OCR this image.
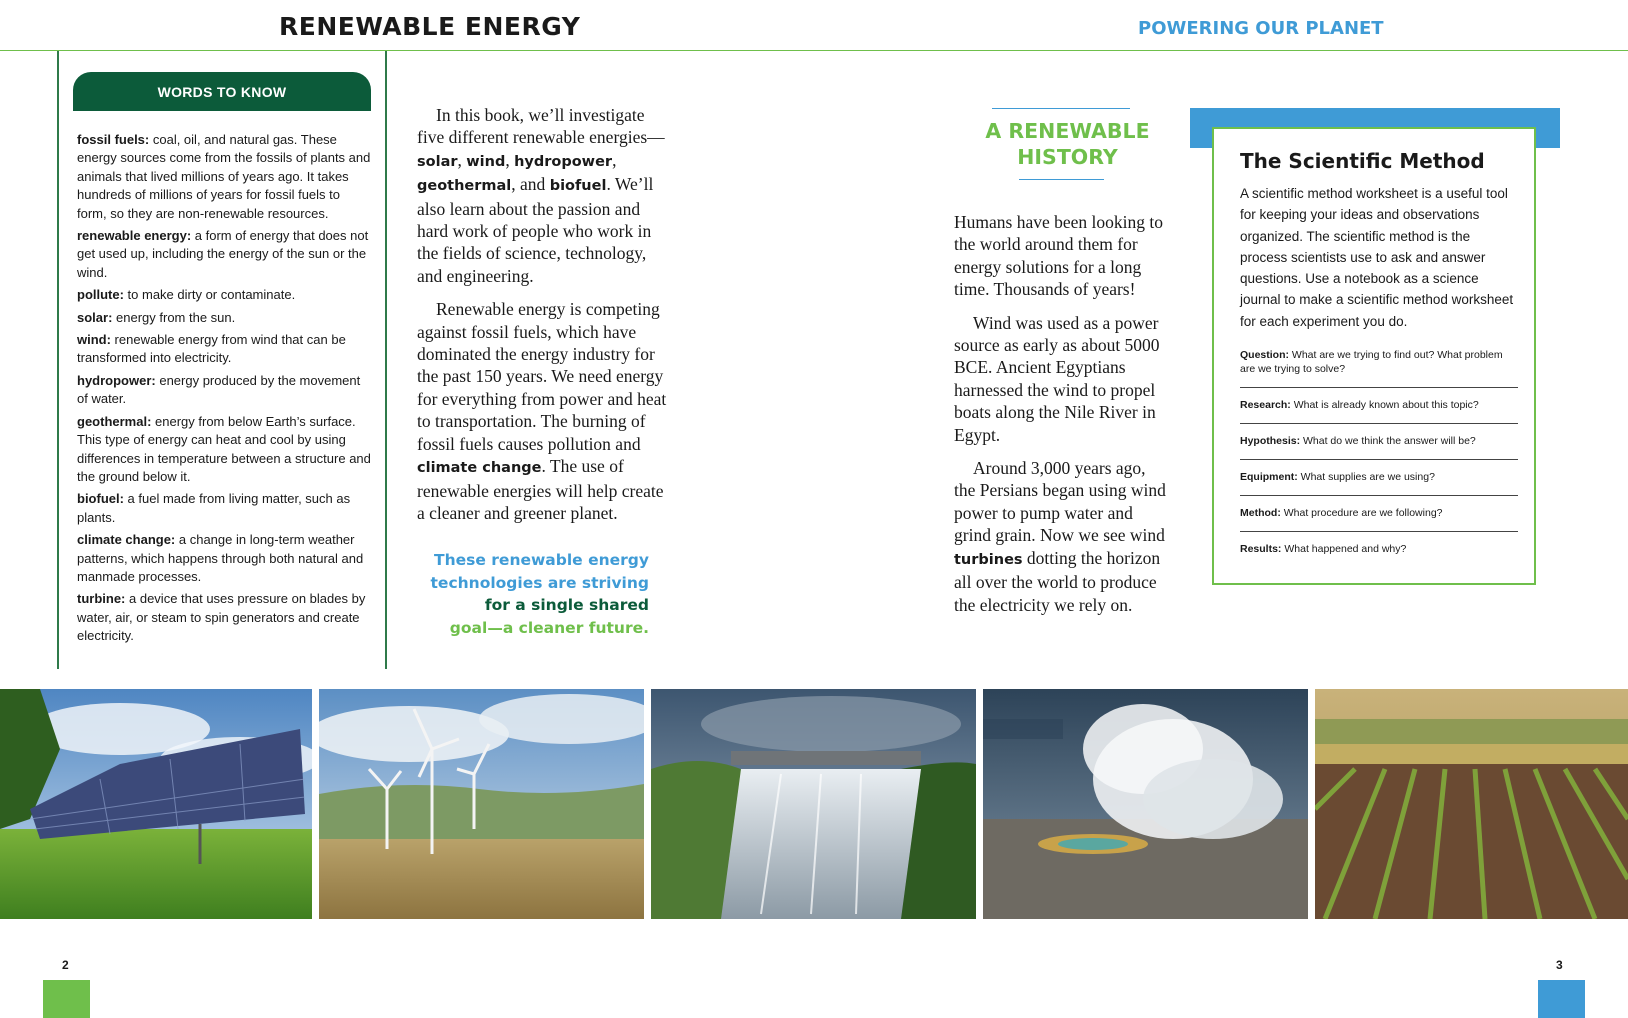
RENEWABLE ENERGY	POWERING OUR PLANET
WORDS TO KNOW
fossil fuels: coal, oil, and natural gas. These energy sources come from the fossils of plants and animals that lived millions of years ago. It takes hundreds of millions of years for fossil fuels to form, so they are non-renewable resources.
renewable energy: a form of energy that does not get used up, including the energy of the sun or the wind.
pollute: to make dirty or contaminate.
solar: energy from the sun.
wind: renewable energy from wind that can be transformed into electricity.
hydropower: energy produced by the movement of water.
geothermal: energy from below Earth’s surface. This type of energy can heat and cool by using differences in temperature between a structure and the ground below it.
biofuel: a fuel made from living matter, such as plants.
climate change: a change in long-term weather patterns, which happens through both natural and manmade processes.
turbine: a device that uses pressure on blades by water, air, or steam to spin generators and create electricity.

In this book, we’ll investigate five different renewable energies—solar, wind, hydropower, geothermal, and biofuel. We’ll also learn about the passion and hard work of people who work in the fields of science, technology, and engineering.

Renewable energy is competing against fossil fuels, which have dominated the energy industry for the past 150 years. We need energy for everything from power and heat to transportation. The burning of fossil fuels causes pollution and climate change. The use of renewable energies will help create a cleaner and greener planet.

These renewable energy
technologies are striving
for a single shared
goal—a cleaner future.
A RENEWABLE HISTORY

Humans have been looking to the world around them for energy solutions for a long time. Thousands of years!

Wind was used as a power source as early as about 5000 BCE. Ancient Egyptians harnessed the wind to propel boats along the Nile River in Egypt.

Around 3,000 years ago, the Persians began using wind power to pump water and grind grain. Now we see wind turbines dotting the horizon all over the world to produce the electricity we rely on.

The Scientific Method
A scientific method worksheet is a useful tool for keeping your ideas and observations organized. The scientific method is the process scientists use to ask and answer questions. Use a notebook as a science journal to make a scientific method worksheet for each experiment you do.
Question: What are we trying to find out? What problem are we trying to solve?
Research: What is already known about this topic?
Hypothesis: What do we think the answer will be?
Equipment: What supplies are we using?
Method: What procedure are we following?
Results: What happened and why?
2	3
